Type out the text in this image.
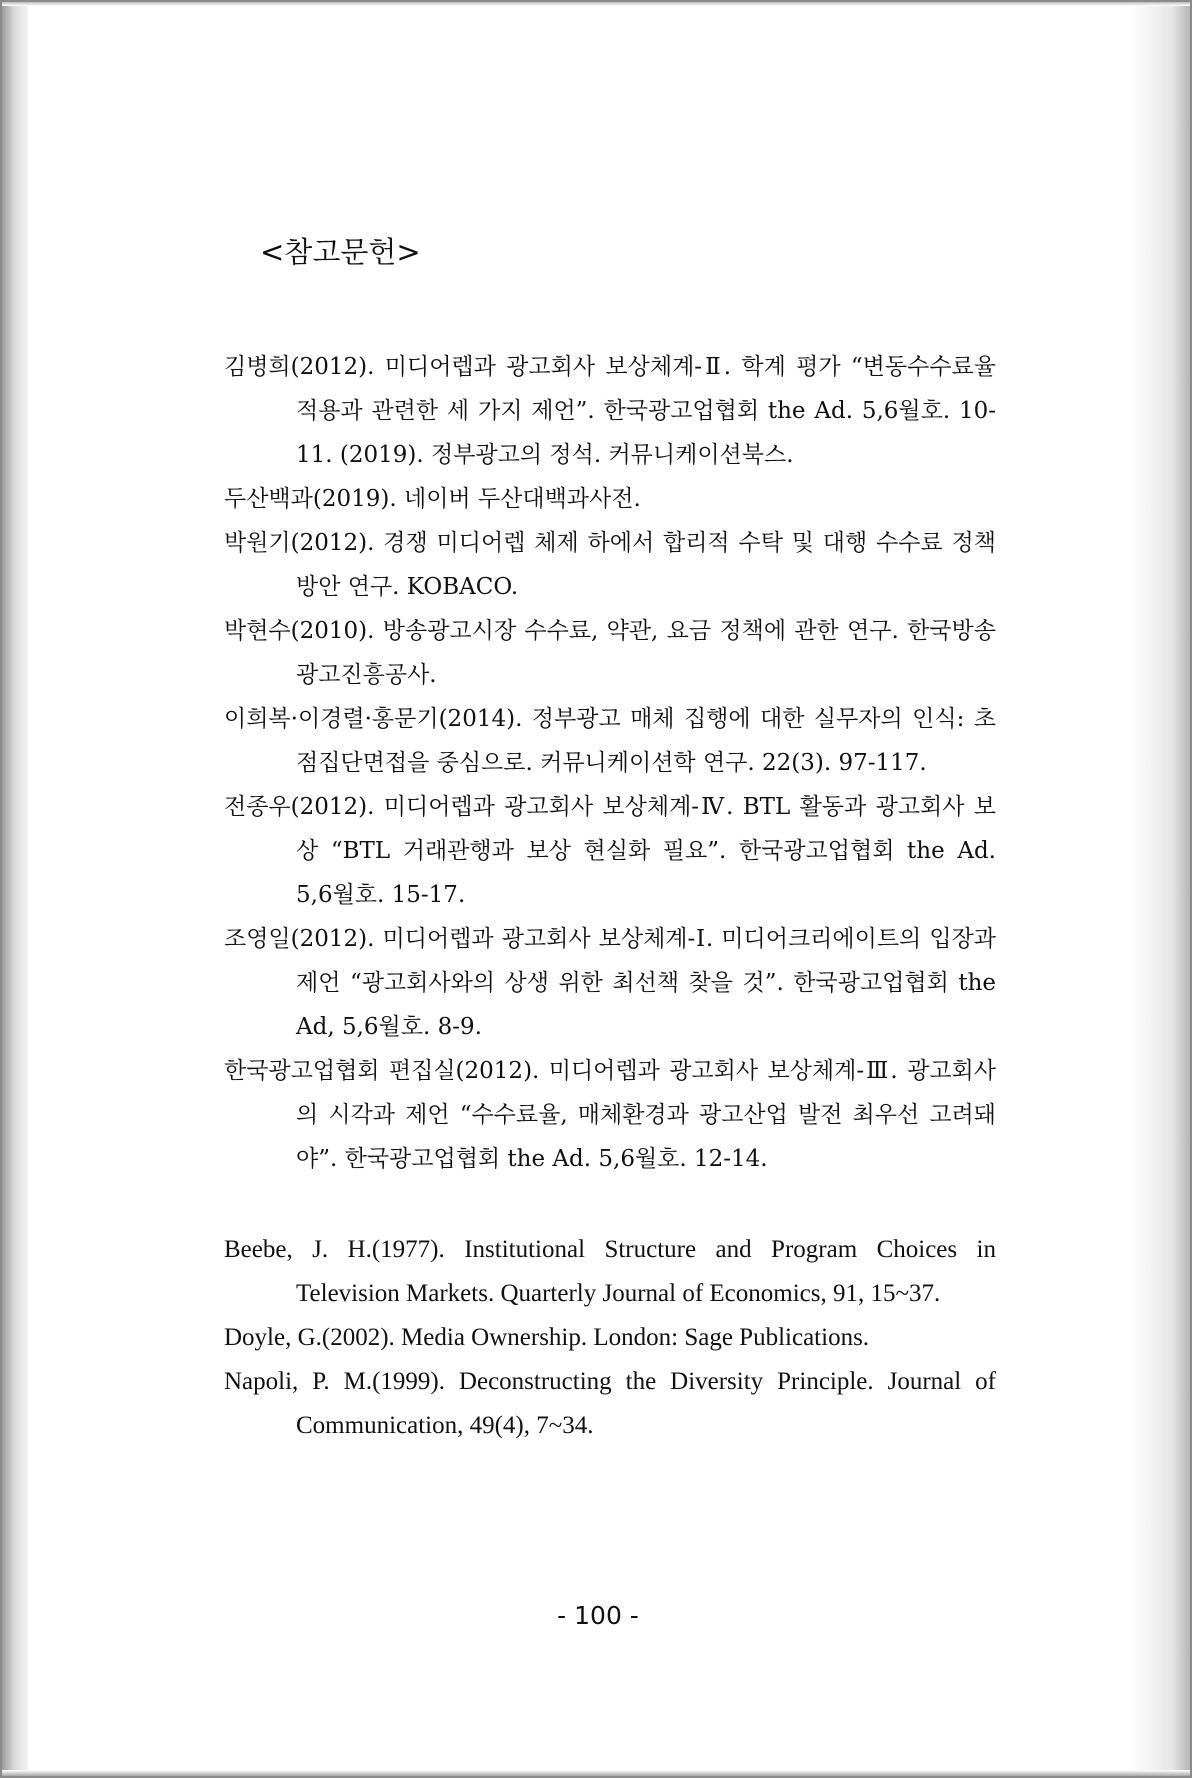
<참고문헌>
김병희(2012). 미디어렙과 광고회사 보상체계-Ⅱ. 학계 평가 “변동수수료율 적용과 관련한 세 가지 제언”. 한국광고업협회 the Ad. 5,6월호. 10-11. (2019). 정부광고의 정석. 커뮤니케이션북스.
두산백과(2019). 네이버 두산대백과사전.
박원기(2012). 경쟁 미디어렙 체제 하에서 합리적 수탁 및 대행 수수료 정책 방안 연구. KOBACO.
박현수(2010). 방송광고시장 수수료, 약관, 요금 정책에 관한 연구. 한국방송광고진흥공사.
이희복·이경렬·홍문기(2014). 정부광고 매체 집행에 대한 실무자의 인식: 초점집단면접을 중심으로. 커뮤니케이션학 연구. 22(3). 97-117.
전종우(2012). 미디어렙과 광고회사 보상체계-Ⅳ. BTL 활동과 광고회사 보상 “BTL 거래관행과 보상 현실화 필요”. 한국광고업협회 the Ad. 5,6월호. 15-17.
조영일(2012). 미디어렙과 광고회사 보상체계-Ⅰ. 미디어크리에이트의 입장과 제언 “광고회사와의 상생 위한 최선책 찾을 것”. 한국광고업협회 the Ad, 5,6월호. 8-9.
한국광고업협회 편집실(2012). 미디어렙과 광고회사 보상체계-Ⅲ. 광고회사의 시각과 제언 “수수료율, 매체환경과 광고산업 발전 최우선 고려돼야”. 한국광고업협회 the Ad. 5,6월호. 12-14.
Beebe, J. H.(1977). Institutional Structure and Program Choices in Television Markets. Quarterly Journal of Economics, 91, 15~37.
Doyle, G.(2002). Media Ownership. London: Sage Publications.
Napoli, P. M.(1999). Deconstructing the Diversity Principle. Journal of Communication, 49(4), 7~34.

- 100 -
